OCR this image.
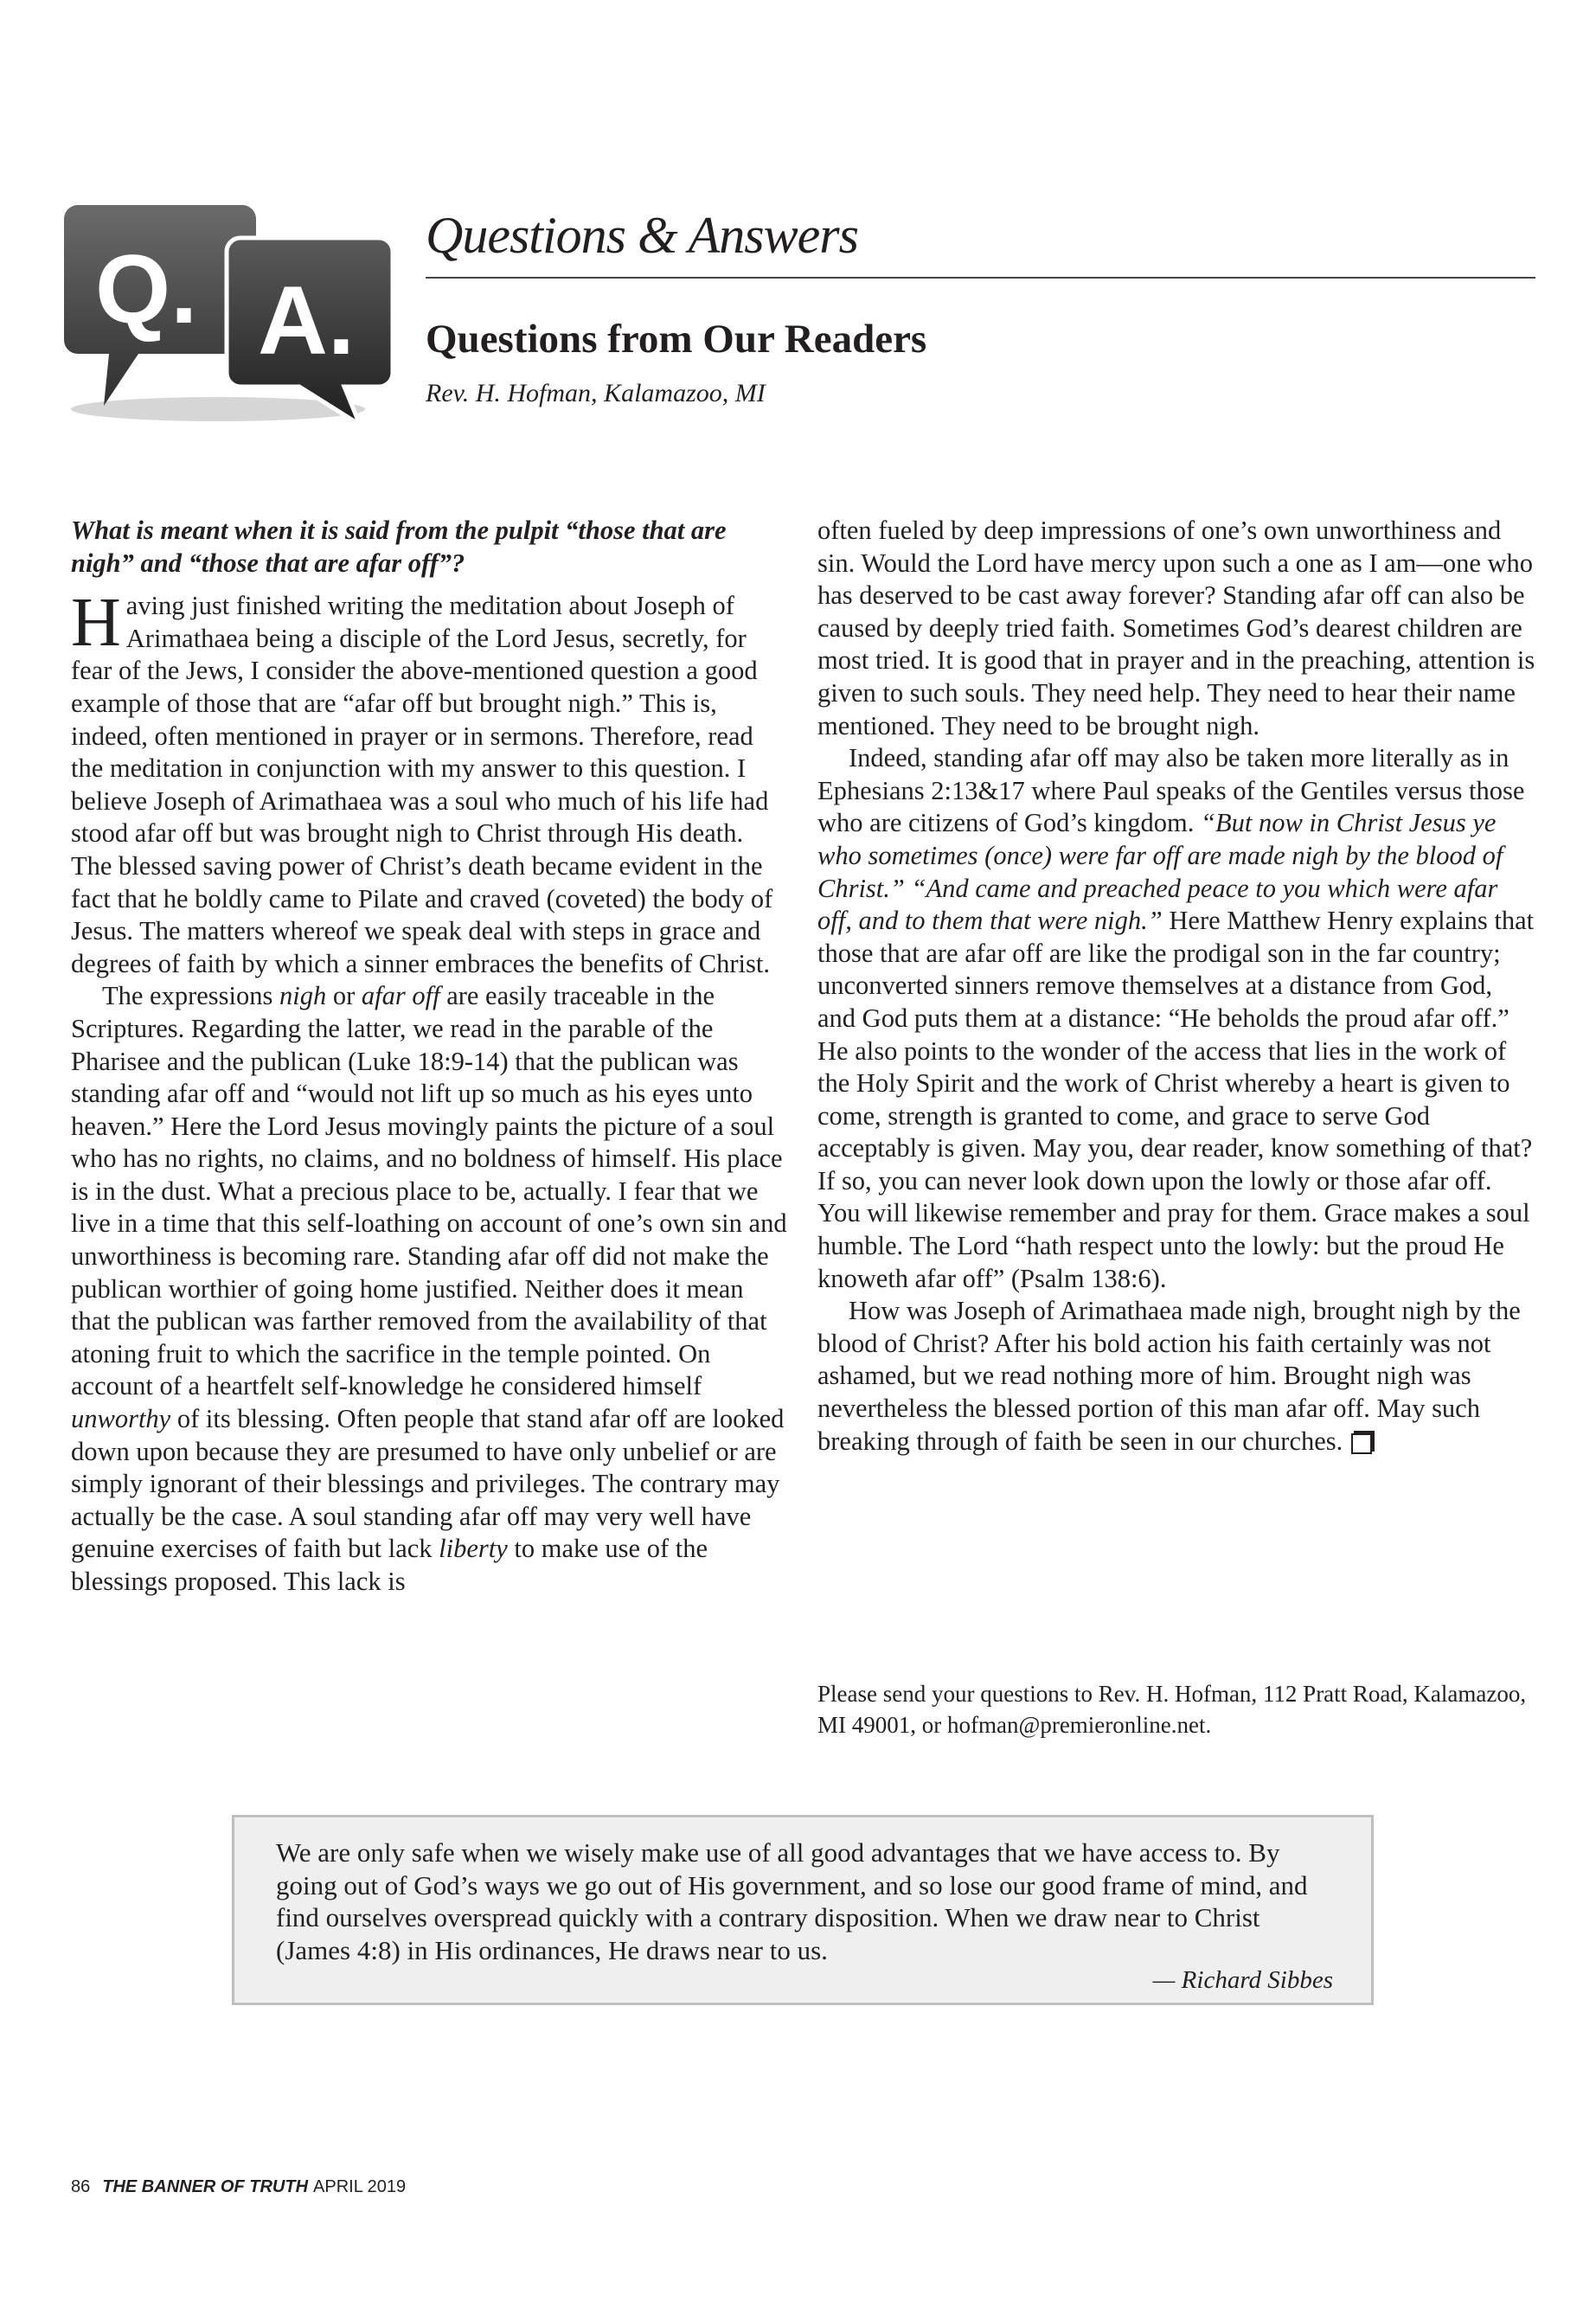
Q. A.
Questions & Answers
Questions from Our Readers
Rev. H. Hofman, Kalamazoo, MI

What is meant when it is said from the pulpit “those that are nigh” and “those that are afar off”?

Having just finished writing the meditation about Joseph of Arimathaea being a disciple of the Lord Jesus, secretly, for fear of the Jews, I consider the above-mentioned question a good example of those that are “afar off but brought nigh.” This is, indeed, often mentioned in prayer or in sermons. Therefore, read the meditation in conjunction with my answer to this question. I believe Joseph of Arimathaea was a soul who much of his life had stood afar off but was brought nigh to Christ through His death. The blessed saving power of Christ’s death became evident in the fact that he boldly came to Pilate and craved (coveted) the body of Jesus. The matters whereof we speak deal with steps in grace and degrees of faith by which a sinner embraces the benefits of Christ.

The expressions nigh or afar off are easily traceable in the Scriptures. Regarding the latter, we read in the parable of the Pharisee and the publican (Luke 18:9-14) that the publican was standing afar off and “would not lift up so much as his eyes unto heaven.” Here the Lord Jesus movingly paints the picture of a soul who has no rights, no claims, and no boldness of himself. His place is in the dust. What a precious place to be, actually. I fear that we live in a time that this self-loathing on account of one’s own sin and unworthiness is becoming rare. Standing afar off did not make the publican worthier of going home justified. Neither does it mean that the publican was farther removed from the availability of that atoning fruit to which the sacrifice in the temple pointed. On account of a heartfelt self-knowledge he considered himself unworthy of its blessing. Often people that stand afar off are looked down upon because they are presumed to have only unbelief or are simply ignorant of their blessings and privileges. The contrary may actually be the case. A soul standing afar off may very well have genuine exercises of faith but lack liberty to make use of the blessings proposed. This lack is

often fueled by deep impressions of one’s own unworthiness and sin. Would the Lord have mercy upon such a one as I am—one who has deserved to be cast away forever? Standing afar off can also be caused by deeply tried faith. Sometimes God’s dearest children are most tried. It is good that in prayer and in the preaching, attention is given to such souls. They need help. They need to hear their name mentioned. They need to be brought nigh.

Indeed, standing afar off may also be taken more literally as in Ephesians 2:13&17 where Paul speaks of the Gentiles versus those who are citizens of God’s kingdom. “But now in Christ Jesus ye who sometimes (once) were far off are made nigh by the blood of Christ.” “And came and preached peace to you which were afar off, and to them that were nigh.” Here Matthew Henry explains that those that are afar off are like the prodigal son in the far country; unconverted sinners remove themselves at a distance from God, and God puts them at a distance: “He beholds the proud afar off.” He also points to the wonder of the access that lies in the work of the Holy Spirit and the work of Christ whereby a heart is given to come, strength is granted to come, and grace to serve God acceptably is given. May you, dear reader, know something of that? If so, you can never look down upon the lowly or those afar off. You will likewise remember and pray for them. Grace makes a soul humble. The Lord “hath respect unto the lowly: but the proud He knoweth afar off” (Psalm 138:6).

How was Joseph of Arimathaea made nigh, brought nigh by the blood of Christ? After his bold action his faith certainly was not ashamed, but we read nothing more of him. Brought nigh was nevertheless the blessed portion of this man afar off. May such breaking through of faith be seen in our churches.

Please send your questions to Rev. H. Hofman, 112 Pratt Road, Kalamazoo, MI 49001, or hofman@premieronline.net.

We are only safe when we wisely make use of all good advantages that we have access to. By going out of God’s ways we go out of His government, and so lose our good frame of mind, and find ourselves overspread quickly with a contrary disposition. When we draw near to Christ (James 4:8) in His ordinances, He draws near to us.

— Richard Sibbes
86 THE BANNER OF TRUTH APRIL 2019
